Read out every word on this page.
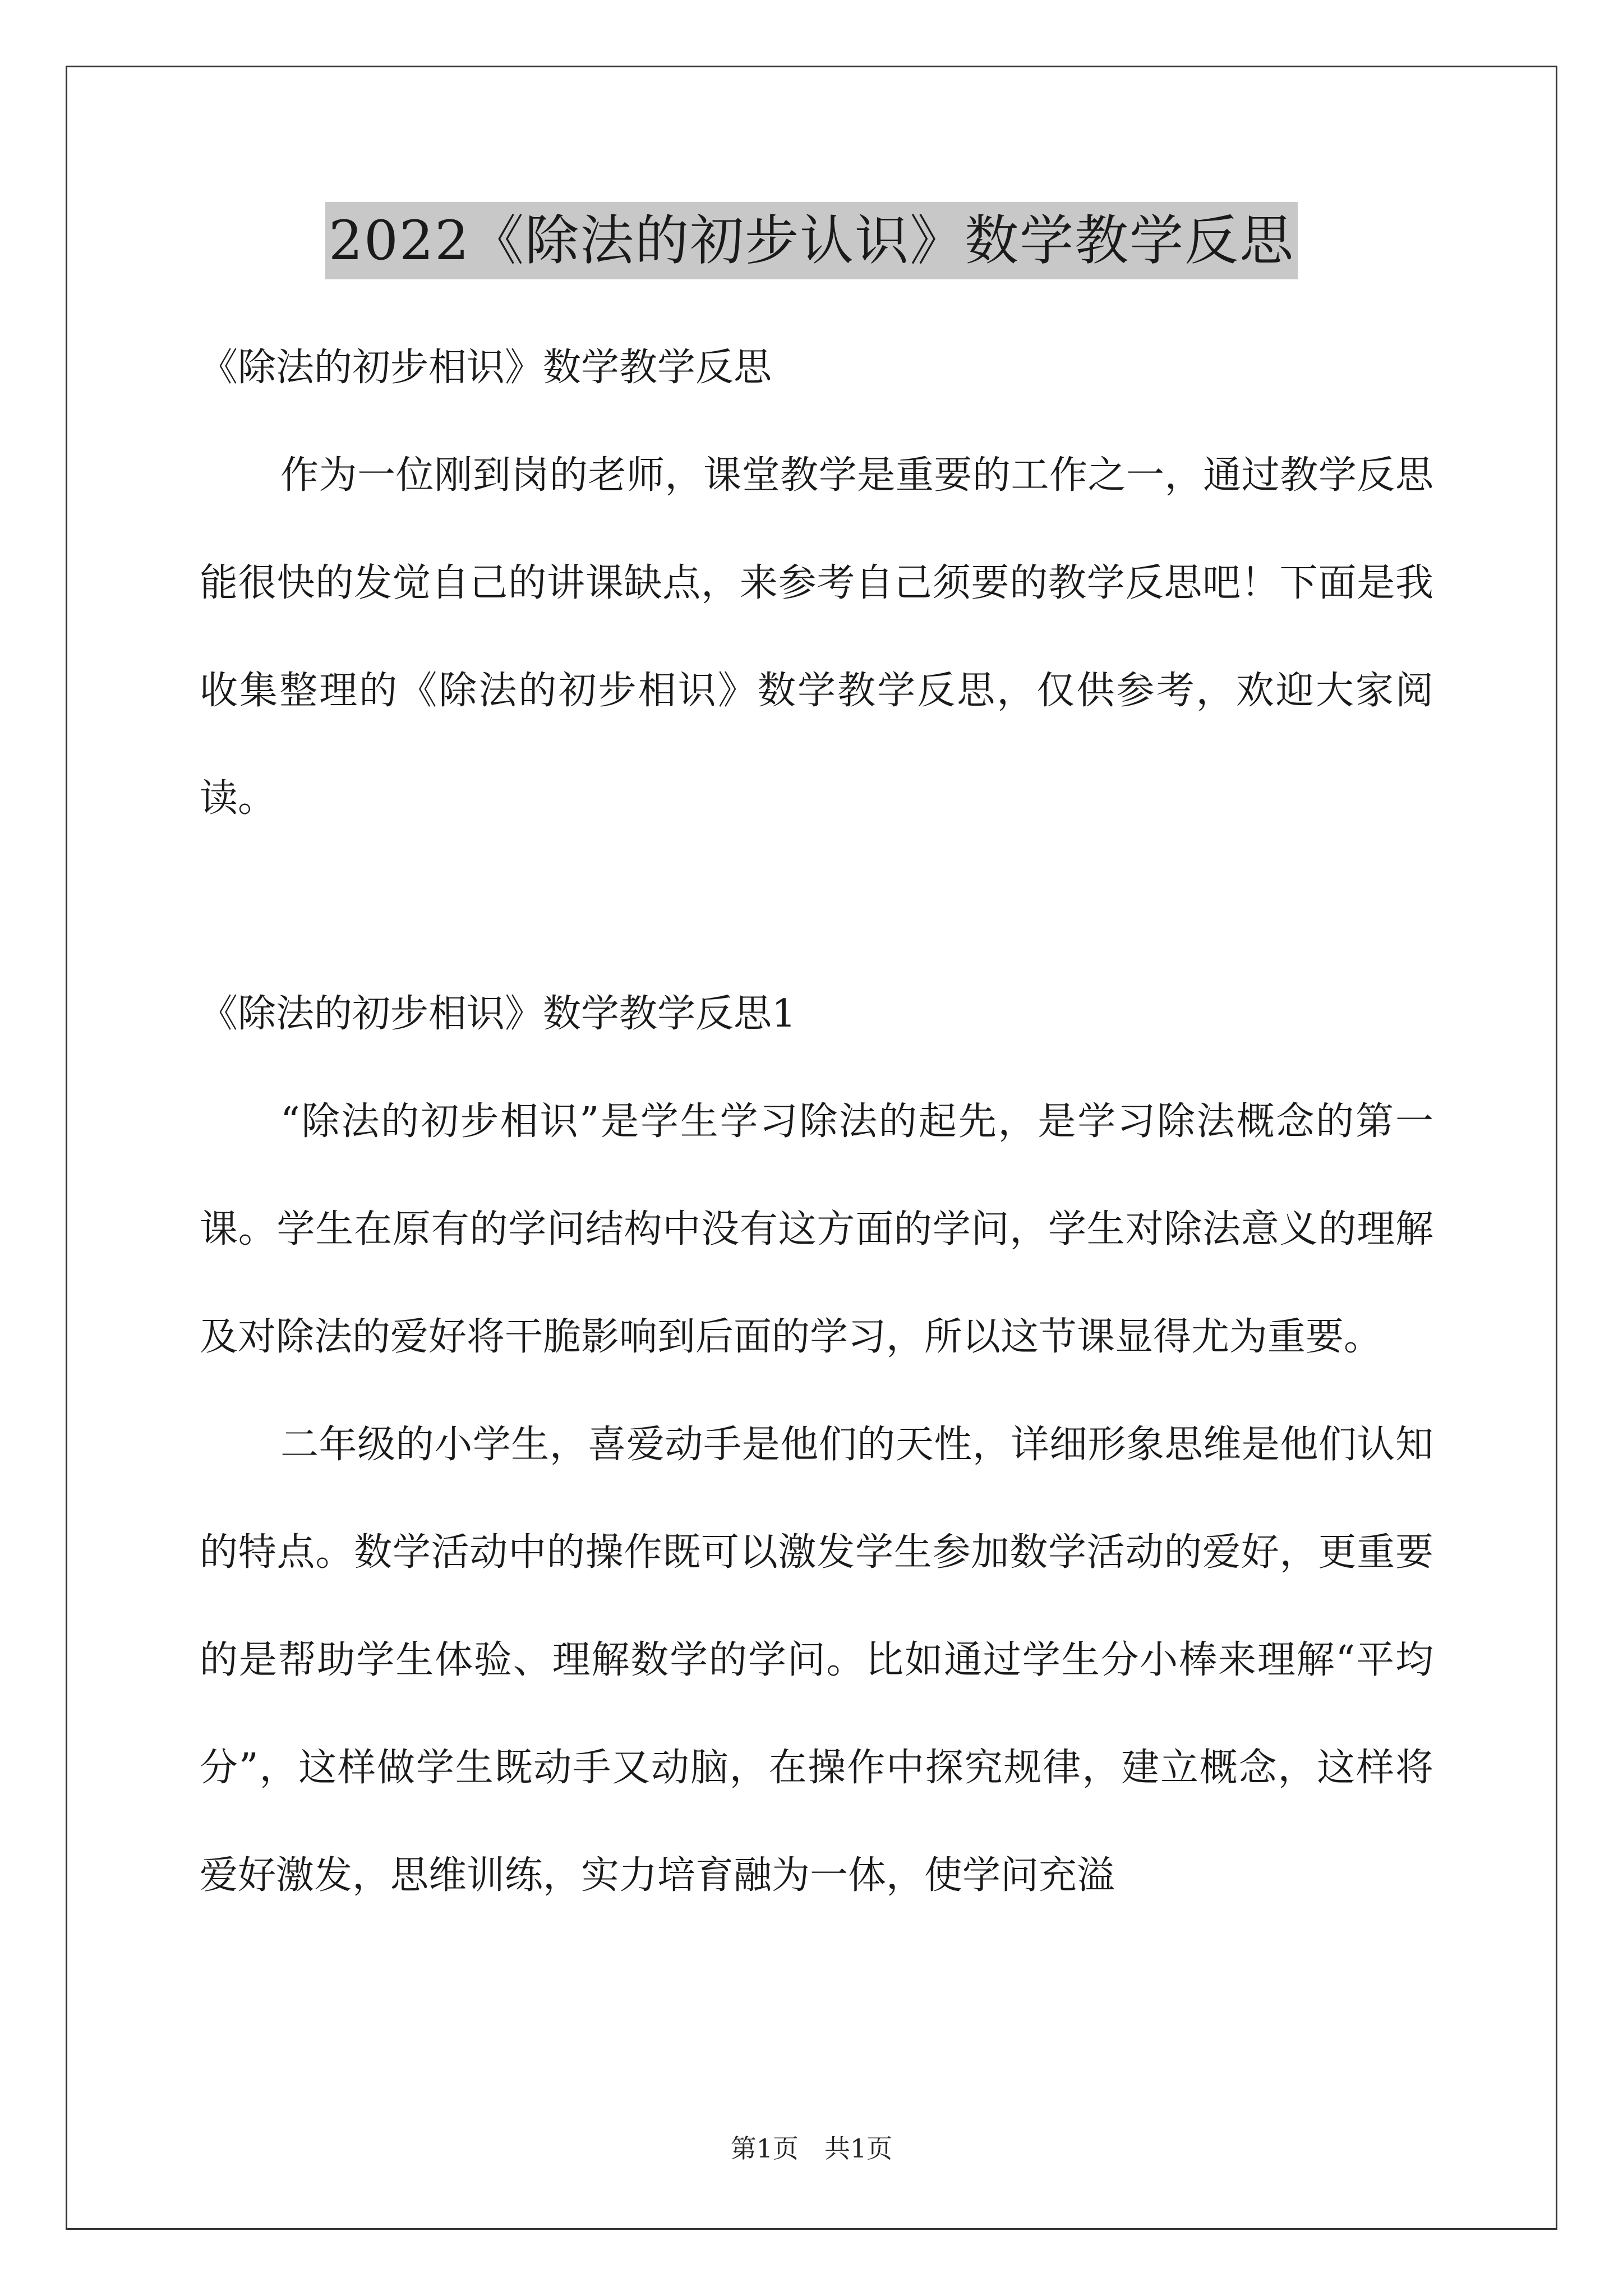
2022《除法的初步认识》数学教学反思

《除法的初步相识》数学教学反思

作为一位刚到岗的老师，课堂教学是重要的工作之一，通过教学反思能很快的发觉自己的讲课缺点，来参考自己须要的教学反思吧！下面是我收集整理的《除法的初步相识》数学教学反思，仅供参考，欢迎大家阅读。

《除法的初步相识》数学教学反思1

“除法的初步相识”是学生学习除法的起先，是学习除法概念的第一课。学生在原有的学问结构中没有这方面的学问，学生对除法意义的理解及对除法的爱好将干脆影响到后面的学习，所以这节课显得尤为重要。

二年级的小学生，喜爱动手是他们的天性，详细形象思维是他们认知的特点。数学活动中的操作既可以激发学生参加数学活动的爱好，更重要的是帮助学生体验、理解数学的学问。比如通过学生分小棒来理解“平均分”，这样做学生既动手又动脑，在操作中探究规律，建立概念，这样将爱好激发，思维训练，实力培育融为一体，使学问充溢

第1页　共1页
